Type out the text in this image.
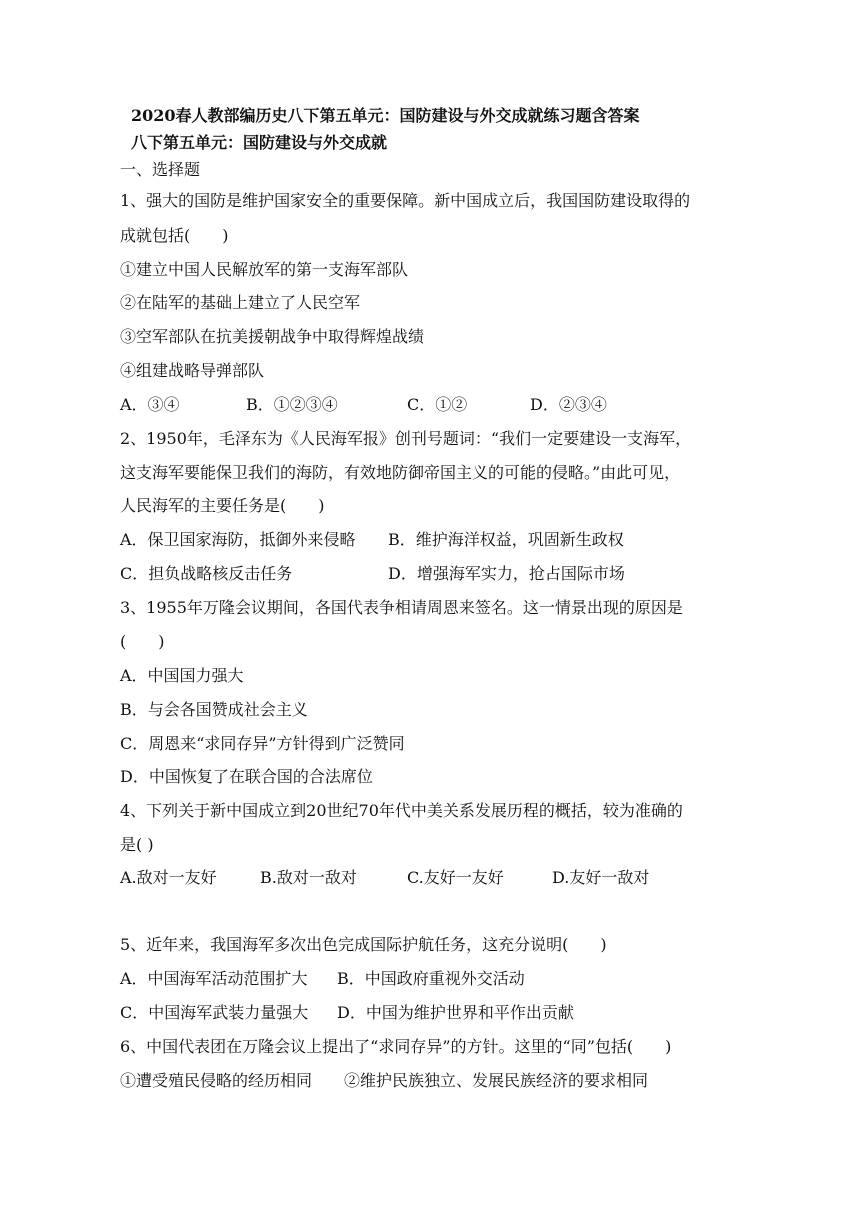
2020春人教部编历史八下第五单元：国防建设与外交成就练习题含答案
八下第五单元：国防建设与外交成就
一、选择题
1、强大的国防是维护国家安全的重要保障。新中国成立后，我国国防建设取得的
成就包括(　　)
①建立中国人民解放军的第一支海军部队
②在陆军的基础上建立了人民空军
③空军部队在抗美援朝战争中取得辉煌战绩
④组建战略导弹部队
A．③④	B．①②③④	C．①②	D．②③④
2、1950年，毛泽东为《人民海军报》创刊号题词：“我们一定要建设一支海军，
这支海军要能保卫我们的海防，有效地防御帝国主义的可能的侵略。”由此可见，
人民海军的主要任务是(　　)
A．保卫国家海防，抵御外来侵略 B．维护海洋权益，巩固新生政权
C．担负战略核反击任务	D．增强海军实力，抢占国际市场
3、1955年万隆会议期间，各国代表争相请周恩来签名。这一情景出现的原因是
(　　)
A．中国国力强大
B．与会各国赞成社会主义
C．周恩来“求同存异”方针得到广泛赞同
D．中国恢复了在联合国的合法席位
4、下列关于新中国成立到20世纪70年代中美关系发展历程的概括，较为准确的
是( )
A.敌对一友好	B.敌对一敌对	C.友好一友好	D.友好一敌对
5、近年来，我国海军多次出色完成国际护航任务，这充分说明(　　)
A．中国海军活动范围扩大 B．中国政府重视外交活动
C．中国海军武装力量强大 D．中国为维护世界和平作出贡献
6、中国代表团在万隆会议上提出了“求同存异”的方针。这里的“同”包括(　　)
①遭受殖民侵略的经历相同 ②维护民族独立、发展民族经济的要求相同
